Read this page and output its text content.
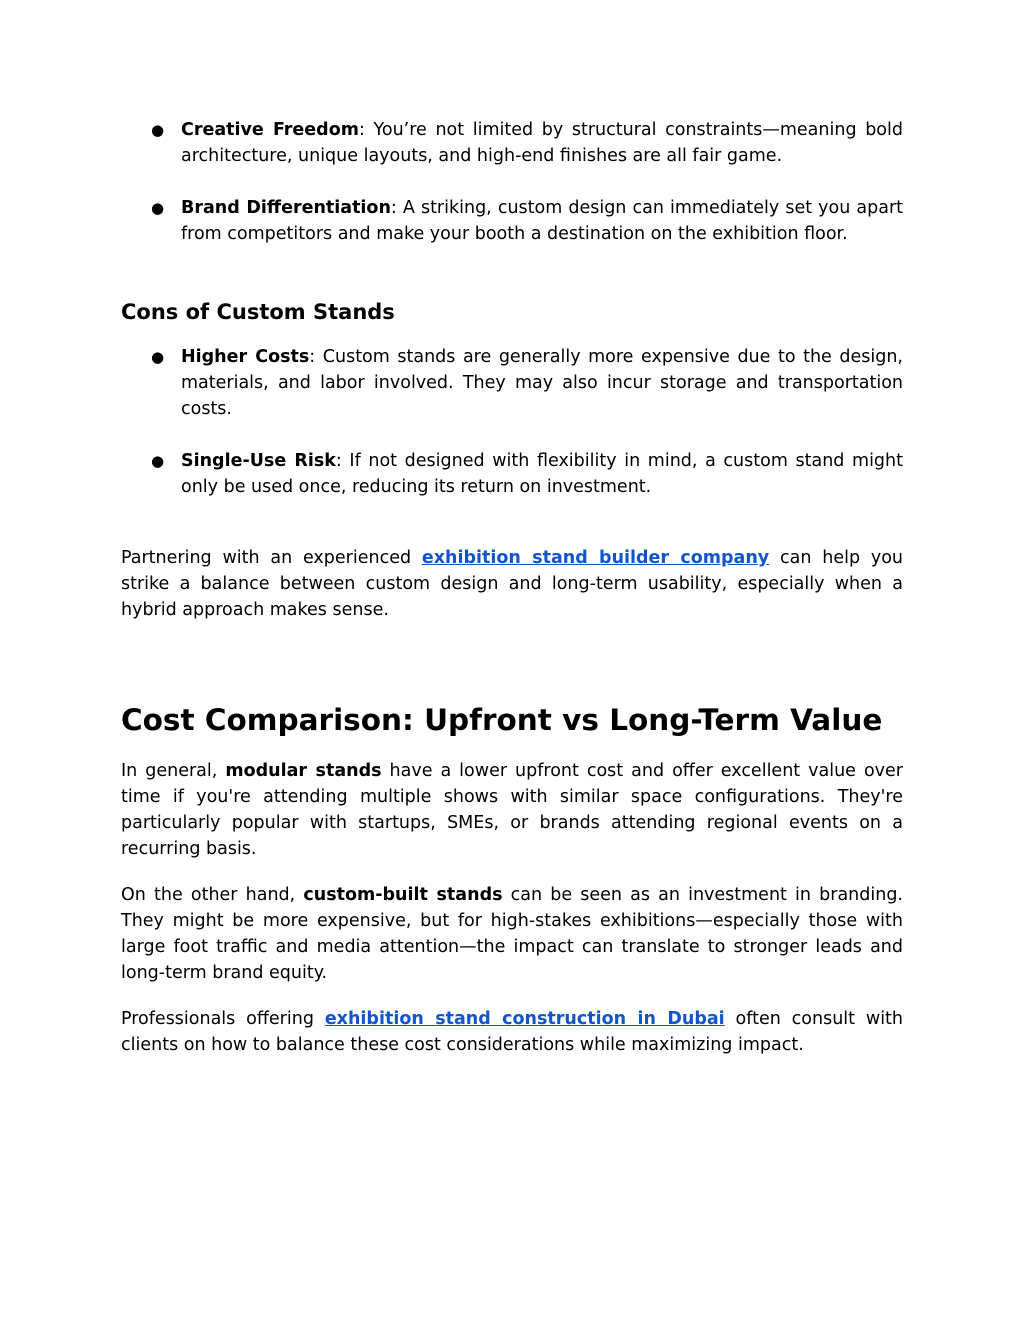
● Creative Freedom: You’re not limited by structural constraints—meaning bold architecture, unique layouts, and high-end finishes are all fair game.
● Brand Differentiation: A striking, custom design can immediately set you apart from competitors and make your booth a destination on the exhibition floor.
Cons of Custom Stands
● Higher Costs: Custom stands are generally more expensive due to the design, materials, and labor involved. They may also incur storage and transportation costs.
● Single-Use Risk: If not designed with flexibility in mind, a custom stand might only be used once, reducing its return on investment.

Partnering with an experienced exhibition stand builder company can help you strike a balance between custom design and long-term usability, especially when a hybrid approach makes sense.

Cost Comparison: Upfront vs Long-Term Value

In general, modular stands have a lower upfront cost and offer excellent value over time if you're attending multiple shows with similar space configurations. They're particularly popular with startups, SMEs, or brands attending regional events on a recurring basis.

On the other hand, custom-built stands can be seen as an investment in branding. They might be more expensive, but for high-stakes exhibitions—especially those with large foot traffic and media attention—the impact can translate to stronger leads and long-term brand equity.

Professionals offering exhibition stand construction in Dubai often consult with clients on how to balance these cost considerations while maximizing impact.
